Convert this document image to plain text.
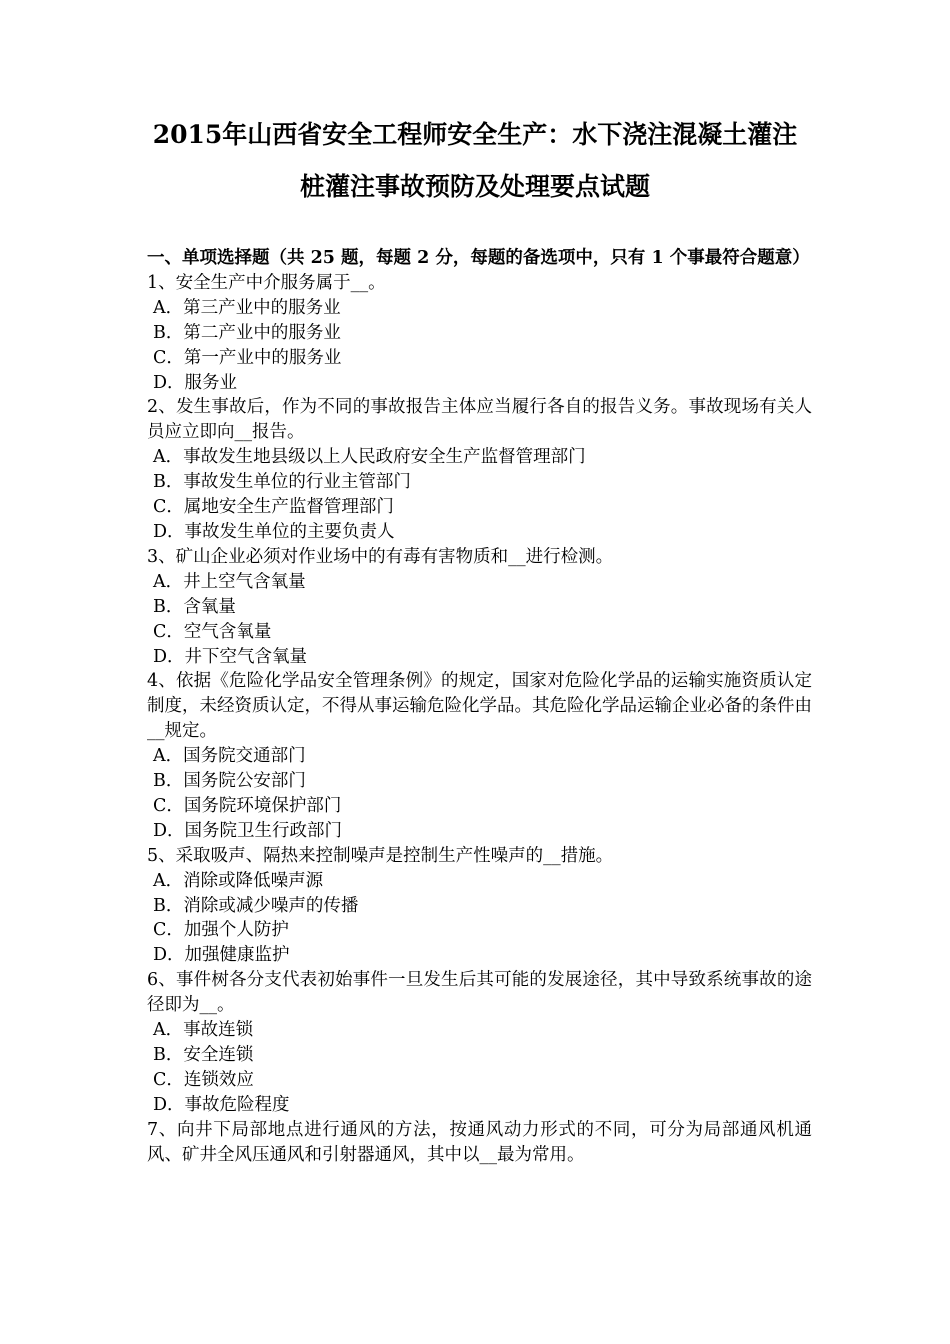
2015年山西省安全工程师安全生产：水下浇注混凝土灌注
桩灌注事故预防及处理要点试题
一、单项选择题（共 25 题，每题 2 分，每题的备选项中，只有 1 个事最符合题意）
1、安全生产中介服务属于__。
A．第三产业中的服务业
B．第二产业中的服务业
C．第一产业中的服务业
D．服务业
2、发生事故后，作为不同的事故报告主体应当履行各自的报告义务。事故现场有关人员应立即向__报告。
A．事故发生地县级以上人民政府安全生产监督管理部门
B．事故发生单位的行业主管部门
C．属地安全生产监督管理部门
D．事故发生单位的主要负责人
3、矿山企业必须对作业场中的有毒有害物质和__进行检测。
A．井上空气含氧量
B．含氧量
C．空气含氧量
D．井下空气含氧量
4、依据《危险化学品安全管理条例》的规定，国家对危险化学品的运输实施资质认定制度，未经资质认定，不得从事运输危险化学品。其危险化学品运输企业必备的条件由__规定。
A．国务院交通部门
B．国务院公安部门
C．国务院环境保护部门
D．国务院卫生行政部门
5、采取吸声、隔热来控制噪声是控制生产性噪声的__措施。
A．消除或降低噪声源
B．消除或减少噪声的传播
C．加强个人防护
D．加强健康监护
6、事件树各分支代表初始事件一旦发生后其可能的发展途径，其中导致系统事故的途径即为__。
A．事故连锁
B．安全连锁
C．连锁效应
D．事故危险程度
7、向井下局部地点进行通风的方法，按通风动力形式的不同，可分为局部通风机通风、矿井全风压通风和引射器通风，其中以__最为常用。
